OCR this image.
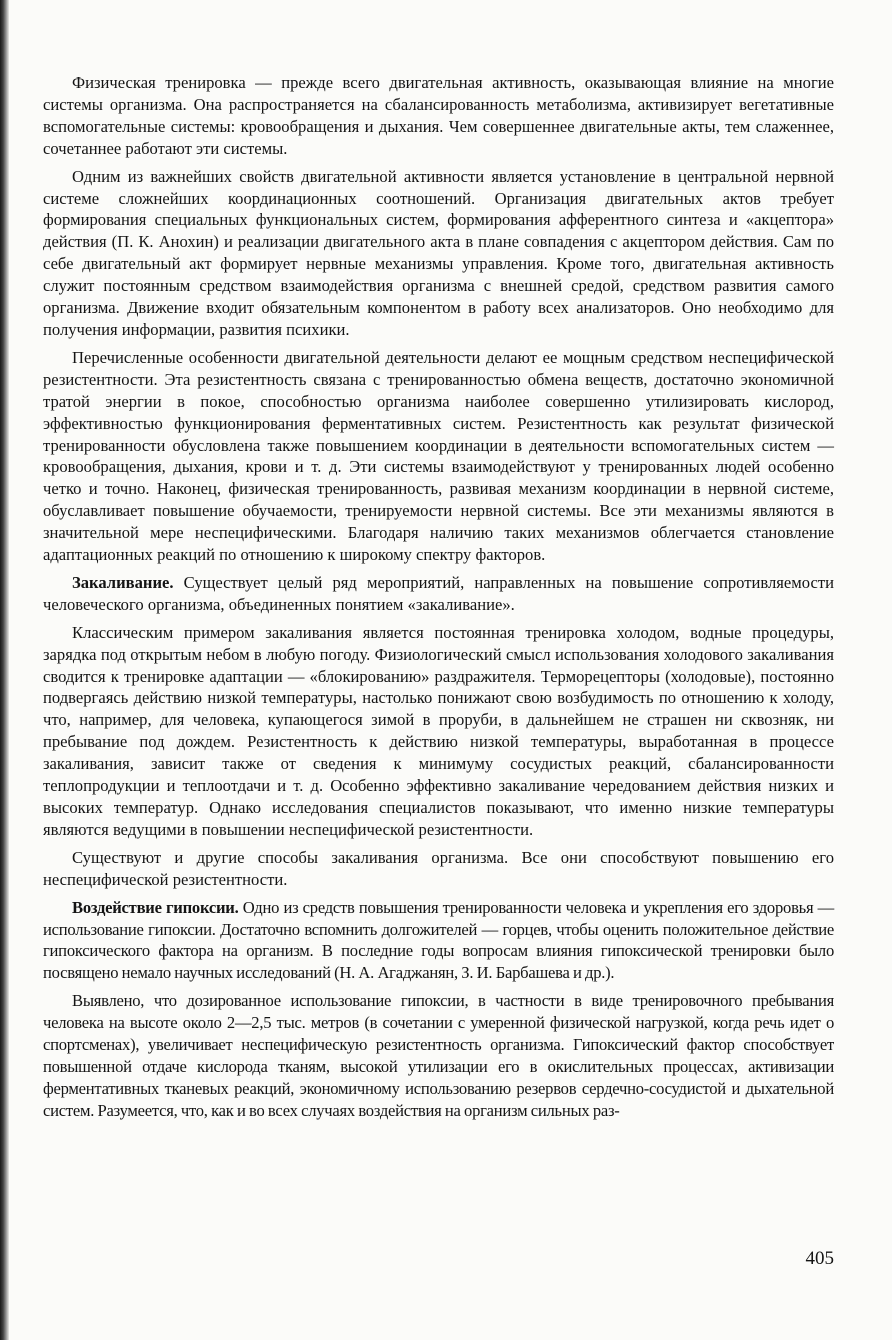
Физическая тренировка — прежде всего двигательная активность, оказывающая влияние на многие системы организма. Она распространяется на сбалансированность метаболизма, активизирует вегетативные вспомогательные системы: кровообращения и дыхания. Чем совершеннее двигательные акты, тем слаженнее, сочетаннее работают эти системы.

Одним из важнейших свойств двигательной активности является установление в центральной нервной системе сложнейших координационных соотношений. Организация двигательных актов требует формирования специальных функциональных систем, формирования афферентного синтеза и «акцептора» действия (П. К. Анохин) и реализации двигательного акта в плане совпадения с акцептором действия. Сам по себе двигательный акт формирует нервные механизмы управления. Кроме того, двигательная активность служит постоянным средством взаимодействия организма с внешней средой, средством развития самого организма. Движение входит обязательным компонентом в работу всех анализаторов. Оно необходимо для получения информации, развития психики.

Перечисленные особенности двигательной деятельности делают ее мощным средством неспецифической резистентности. Эта резистентность связана с тренированностью обмена веществ, достаточно экономичной тратой энергии в покое, способностью организма наиболее совершенно утилизировать кислород, эффективностью функционирования ферментативных систем. Резистентность как результат физической тренированности обусловлена также повышением координации в деятельности вспомогательных систем — кровообращения, дыхания, крови и т. д. Эти системы взаимодействуют у тренированных людей особенно четко и точно. Наконец, физическая тренированность, развивая механизм координации в нервной системе, обуславливает повышение обучаемости, тренируемости нервной системы. Все эти механизмы являются в значительной мере неспецифическими. Благодаря наличию таких механизмов облегчается становление адаптационных реакций по отношению к широкому спектру факторов.

Закаливание. Существует целый ряд мероприятий, направленных на повышение сопротивляемости человеческого организма, объединенных понятием «закаливание».

Классическим примером закаливания является постоянная тренировка холодом, водные процедуры, зарядка под открытым небом в любую погоду. Физиологический смысл использования холодового закаливания сводится к тренировке адаптации — «блокированию» раздражителя. Терморецепторы (холодовые), постоянно подвергаясь действию низкой температуры, настолько понижают свою возбудимость по отношению к холоду, что, например, для человека, купающегося зимой в проруби, в дальнейшем не страшен ни сквозняк, ни пребывание под дождем. Резистентность к действию низкой температуры, выработанная в процессе закаливания, зависит также от сведения к минимуму сосудистых реакций, сбалансированности теплопродукции и теплоотдачи и т. д. Особенно эффективно закаливание чередованием действия низких и высоких температур. Однако исследования специалистов показывают, что именно низкие температуры являются ведущими в повышении неспецифической резистентности.

Существуют и другие способы закаливания организма. Все они способствуют повышению его неспецифической резистентности.

Воздействие гипоксии. Одно из средств повышения тренированности человека и укрепления его здоровья — использование гипоксии. Достаточно вспомнить долгожителей — горцев, чтобы оценить положительное действие гипоксического фактора на организм. В последние годы вопросам влияния гипоксической тренировки было посвящено немало научных исследований (Н. А. Агаджанян, З. И. Барбашева и др.).

Выявлено, что дозированное использование гипоксии, в частности в виде тренировочного пребывания человека на высоте около 2—2,5 тыс. метров (в сочетании с умеренной физической нагрузкой, когда речь идет о спортсменах), увеличивает неспецифическую резистентность организма. Гипоксический фактор способствует повышенной отдаче кислорода тканям, высокой утилизации его в окислительных процессах, активизации ферментативных тканевых реакций, экономичному использованию резервов сердечно-сосудистой и дыхательной систем. Разумеется, что, как и во всех случаях воздействия на организм сильных раз-

405
